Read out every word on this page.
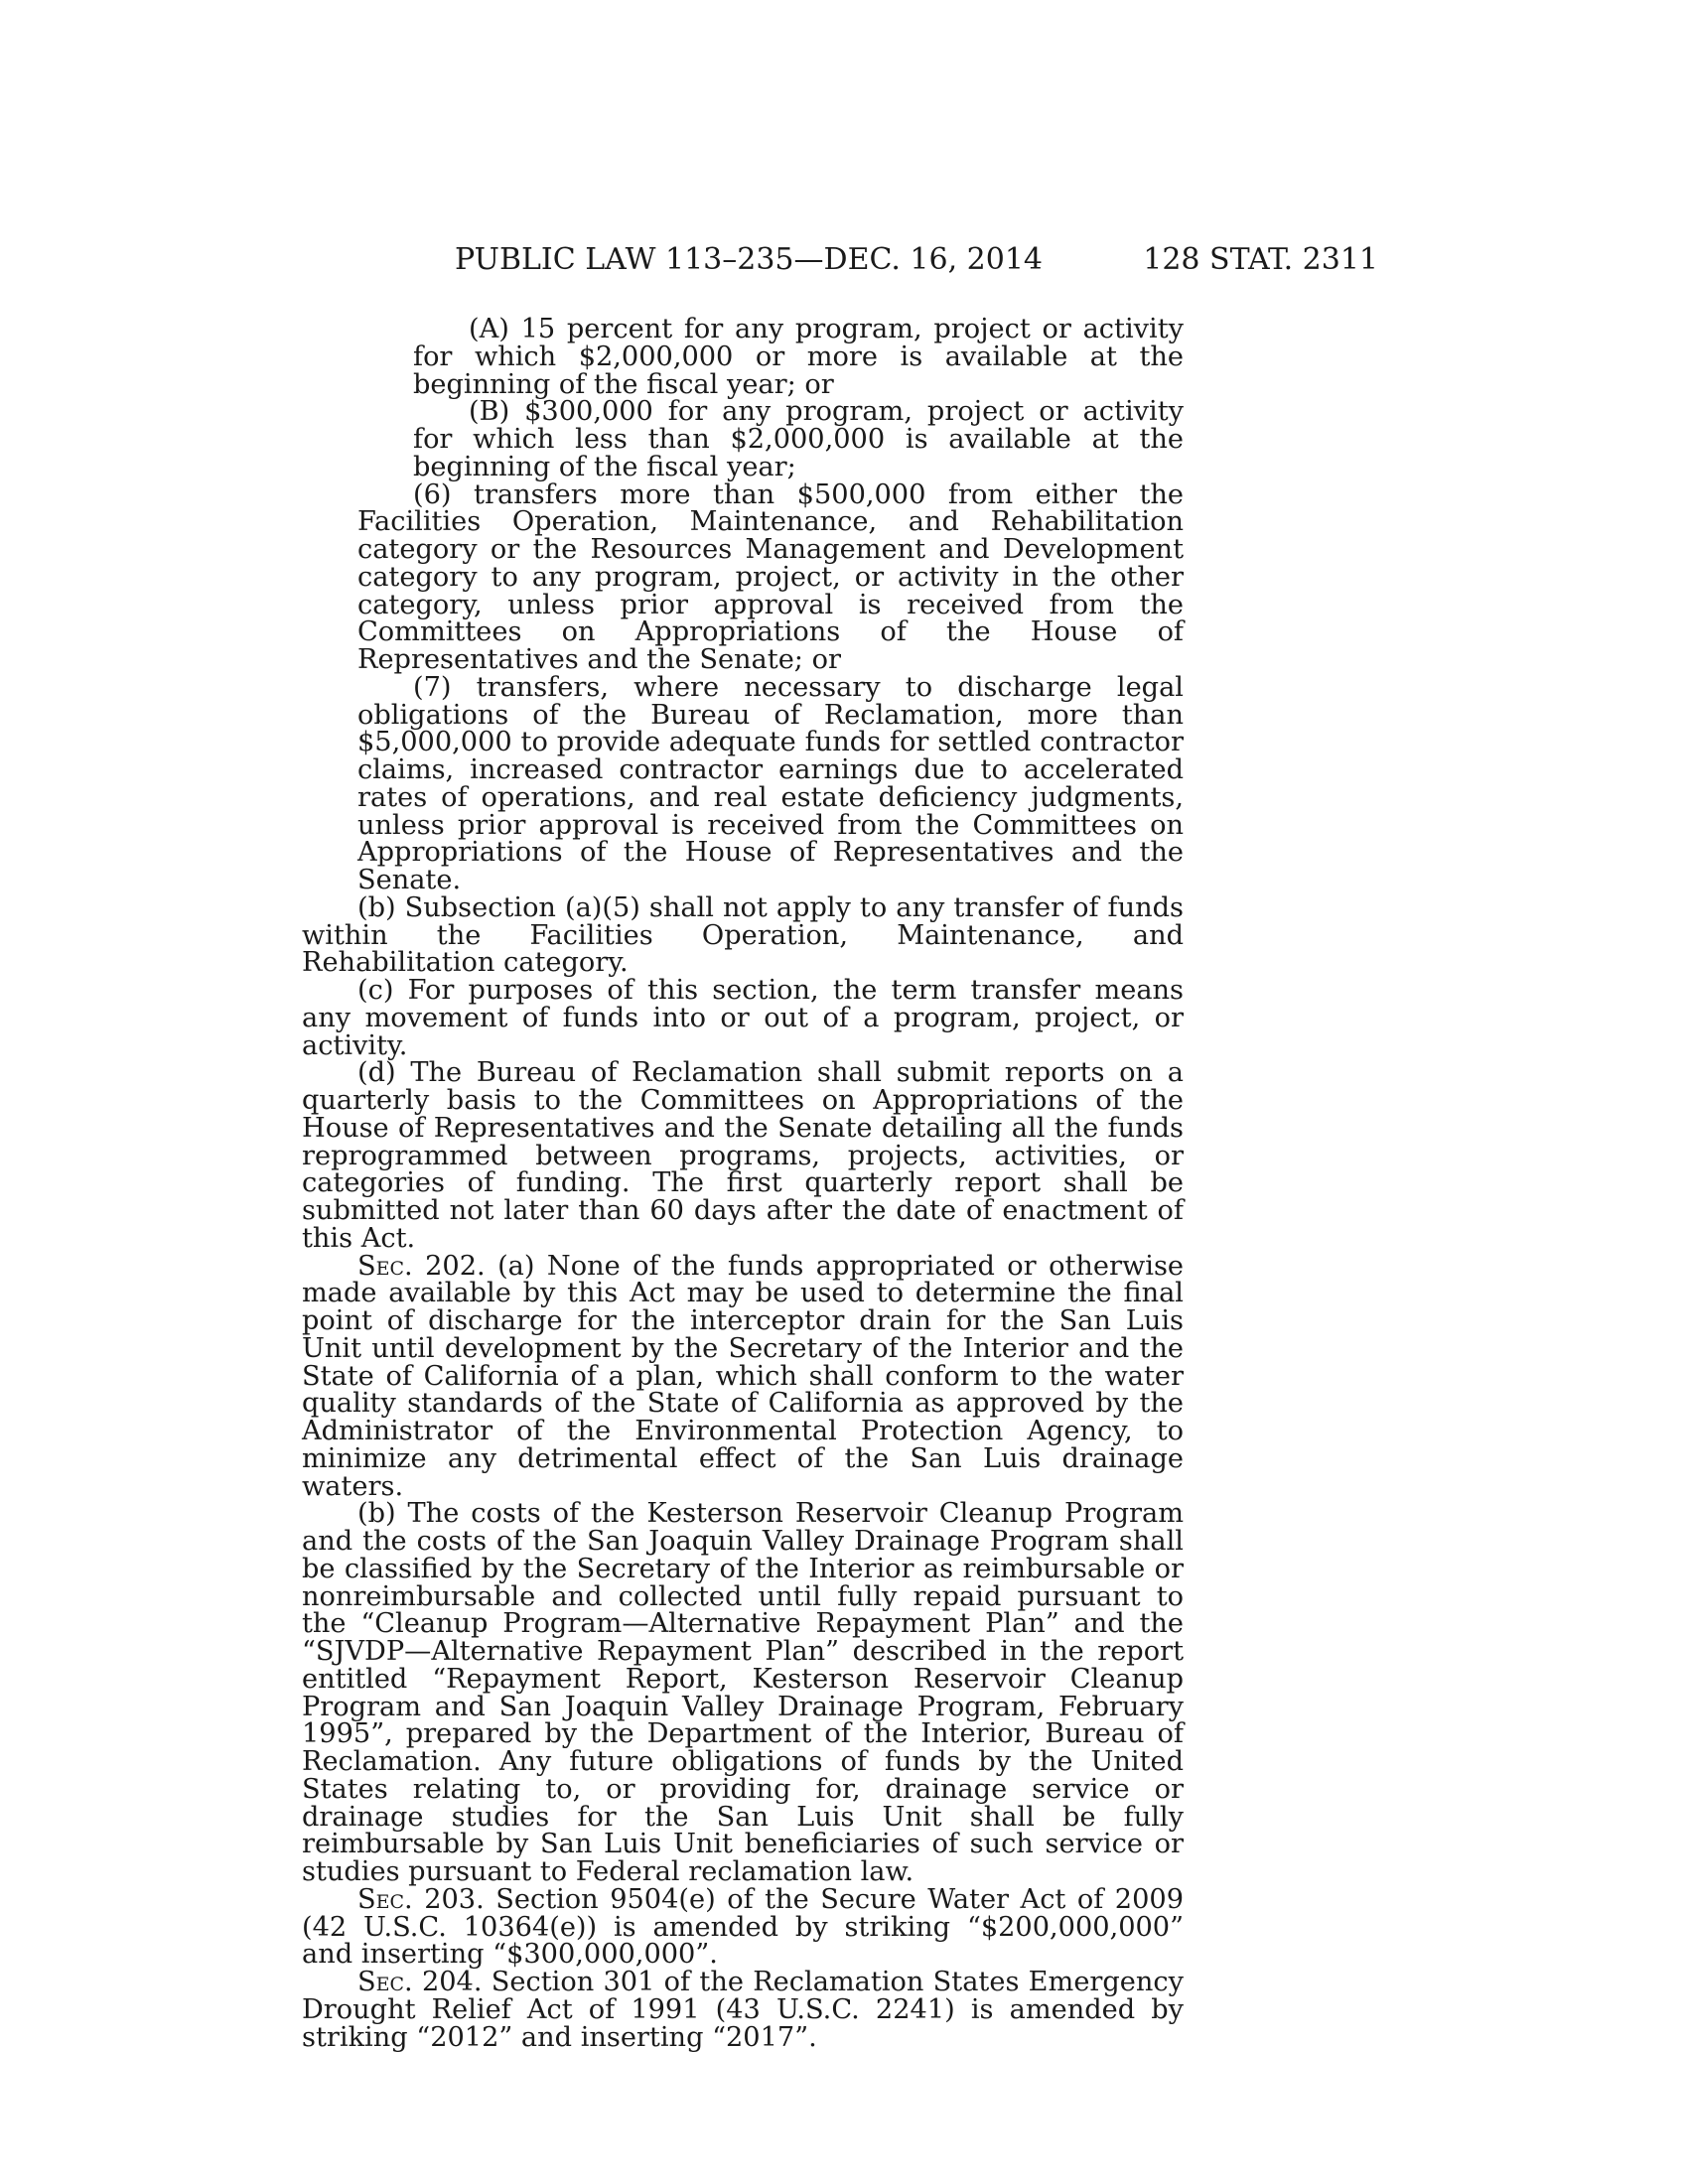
PUBLIC LAW 113–235—DEC. 16, 2014	128 STAT. 2311

(A) 15 percent for any program, project or activity for which $2,000,000 or more is available at the beginning of the fiscal year; or

(B) $300,000 for any program, project or activity for which less than $2,000,000 is available at the beginning of the fiscal year;

(6) transfers more than $500,000 from either the Facilities Operation, Maintenance, and Rehabilitation category or the Resources Management and Development category to any program, project, or activity in the other category, unless prior approval is received from the Committees on Appropriations of the House of Representatives and the Senate; or

(7) transfers, where necessary to discharge legal obligations of the Bureau of Reclamation, more than $5,000,000 to provide adequate funds for settled contractor claims, increased contractor earnings due to accelerated rates of operations, and real estate deficiency judgments, unless prior approval is received from the Committees on Appropriations of the House of Representatives and the Senate.

(b) Subsection (a)(5) shall not apply to any transfer of funds within the Facilities Operation, Maintenance, and Rehabilitation category.

(c) For purposes of this section, the term transfer means any movement of funds into or out of a program, project, or activity.

(d) The Bureau of Reclamation shall submit reports on a quarterly basis to the Committees on Appropriations of the House of Representatives and the Senate detailing all the funds reprogrammed between programs, projects, activities, or categories of funding. The first quarterly report shall be submitted not later than 60 days after the date of enactment of this Act.

Sec. 202. (a) None of the funds appropriated or otherwise made available by this Act may be used to determine the final point of discharge for the interceptor drain for the San Luis Unit until development by the Secretary of the Interior and the State of California of a plan, which shall conform to the water quality standards of the State of California as approved by the Administrator of the Environmental Protection Agency, to minimize any detrimental effect of the San Luis drainage waters.

(b) The costs of the Kesterson Reservoir Cleanup Program and the costs of the San Joaquin Valley Drainage Program shall be classified by the Secretary of the Interior as reimbursable or nonreimbursable and collected until fully repaid pursuant to the “Cleanup Program—Alternative Repayment Plan” and the “SJVDP—Alternative Repayment Plan” described in the report entitled “Repayment Report, Kesterson Reservoir Cleanup Program and San Joaquin Valley Drainage Program, February 1995”, prepared by the Department of the Interior, Bureau of Reclamation. Any future obligations of funds by the United States relating to, or providing for, drainage service or drainage studies for the San Luis Unit shall be fully reimbursable by San Luis Unit beneficiaries of such service or studies pursuant to Federal reclamation law.

Sec. 203. Section 9504(e) of the Secure Water Act of 2009 (42 U.S.C. 10364(e)) is amended by striking “$200,000,000” and inserting “$300,000,000”.

Sec. 204. Section 301 of the Reclamation States Emergency Drought Relief Act of 1991 (43 U.S.C. 2241) is amended by striking “2012” and inserting “2017”.
